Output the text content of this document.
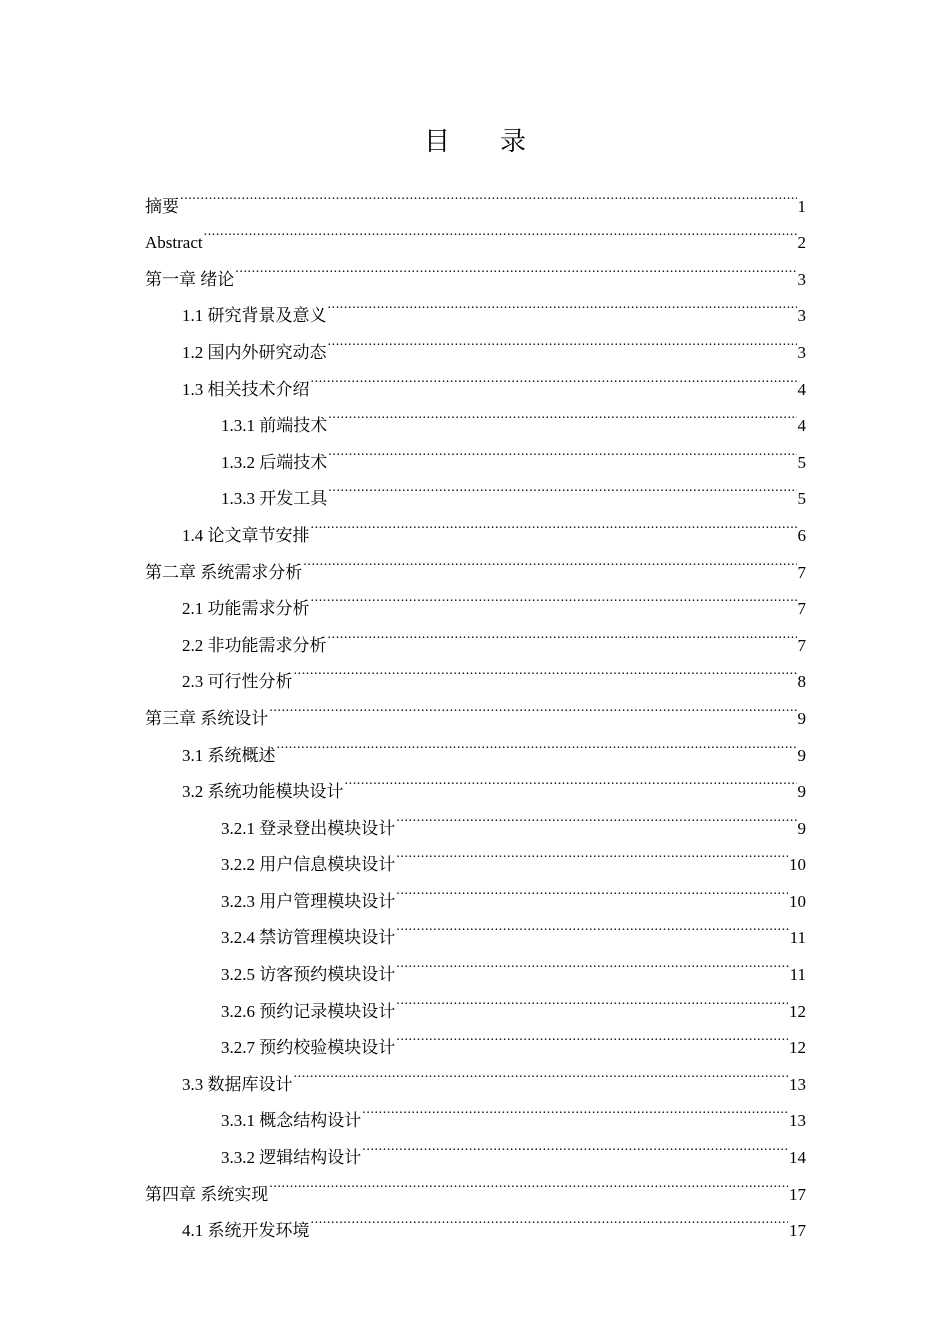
目 录
摘要 .....	1
Abstract .....	2
第一章 绪论 .....	3
1.1 研究背景及意义 .....	3
1.2 国内外研究动态 .....	3
1.3 相关技术介绍 .....	4
1.3.1 前端技术 .....	4
1.3.2 后端技术 .....	5
1.3.3 开发工具 .....	5
1.4 论文章节安排 .....	6
第二章 系统需求分析 .....	7
2.1 功能需求分析 .....	7
2.2 非功能需求分析 .....	7
2.3 可行性分析 .....	8
第三章 系统设计 .....	9
3.1 系统概述 .....	9
3.2 系统功能模块设计 .....	9
3.2.1 登录登出模块设计 .....	9
3.2.2 用户信息模块设计 .....	10
3.2.3 用户管理模块设计 .....	10
3.2.4 禁访管理模块设计 .....	11
3.2.5 访客预约模块设计 .....	11
3.2.6 预约记录模块设计 .....	12
3.2.7 预约校验模块设计 .....	12
3.3 数据库设计 .....	13
3.3.1 概念结构设计 .....	13
3.3.2 逻辑结构设计 .....	14
第四章 系统实现 .....	17
4.1 系统开发环境 .....	17
